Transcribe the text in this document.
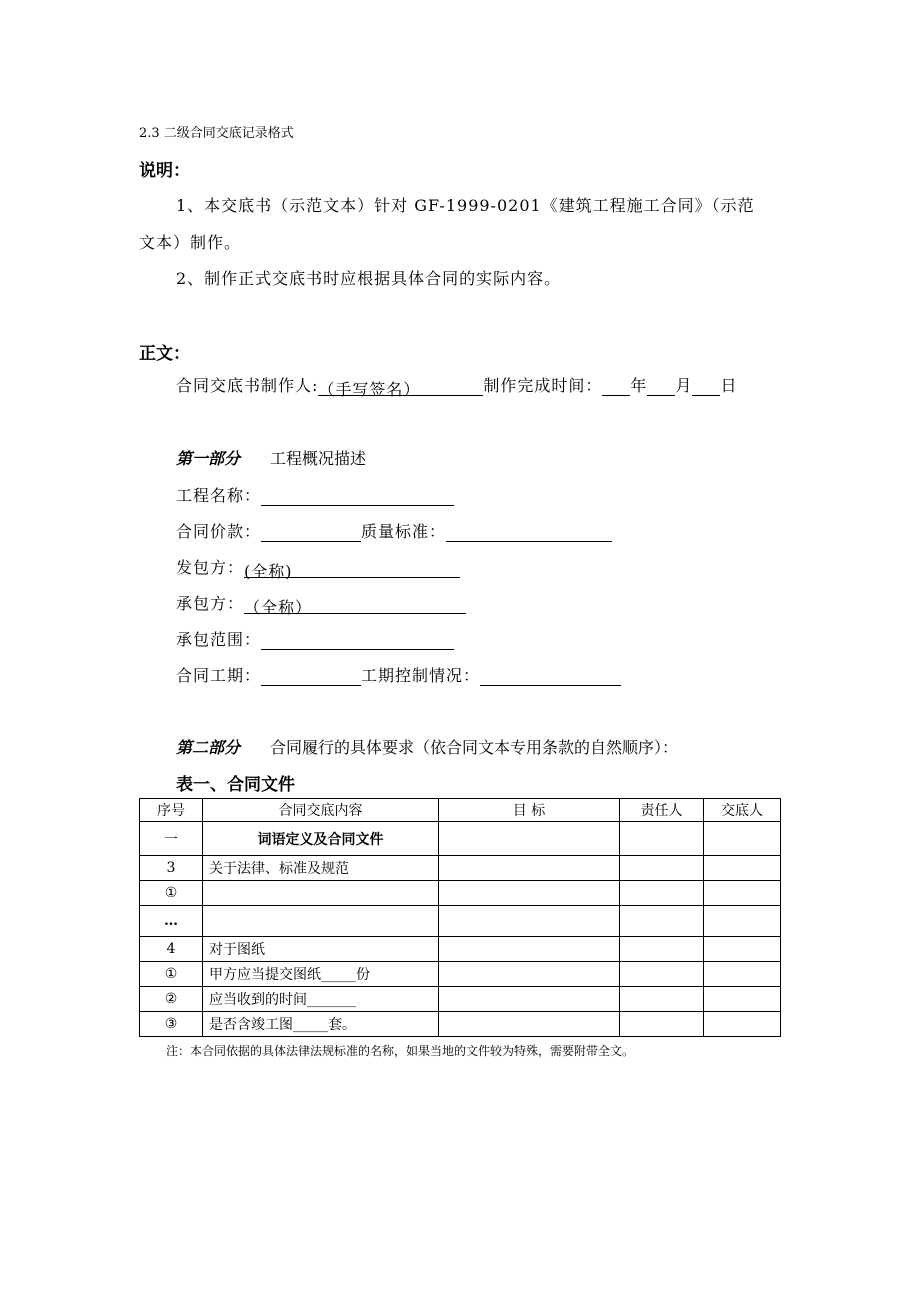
2.3 二级合同交底记录格式
说明：
1、本交底书（示范文本）针对 GF-1999-0201《建筑工程施工合同》（示范
文本）制作。
2、制作正式交底书时应根据具体合同的实际内容。
正文：
合同交底书制作人:（手写签名）	制作完成时间： 年 月 日
第一部分 工程概况描述
工程名称：
合同价款：	质量标准：
发包方：(全称)
承包方：（全称）
承包范围：
合同工期：	工期控制情况：
第二部分 合同履行的具体要求（依合同文本专用条款的自然顺序）：
表一、合同文件
序号	合同交底内容	目 标	责任人	交底人
一	词语定义及合同文件			
3	关于法律、标准及规范			
①				
…				
4	对于图纸			
①	甲方应当提交图纸_____份			
②	应当收到的时间_______			
③	是否含竣工图_____套。			
注：本合同依据的具体法律法规标准的名称，如果当地的文件较为特殊，需要附带全文。
